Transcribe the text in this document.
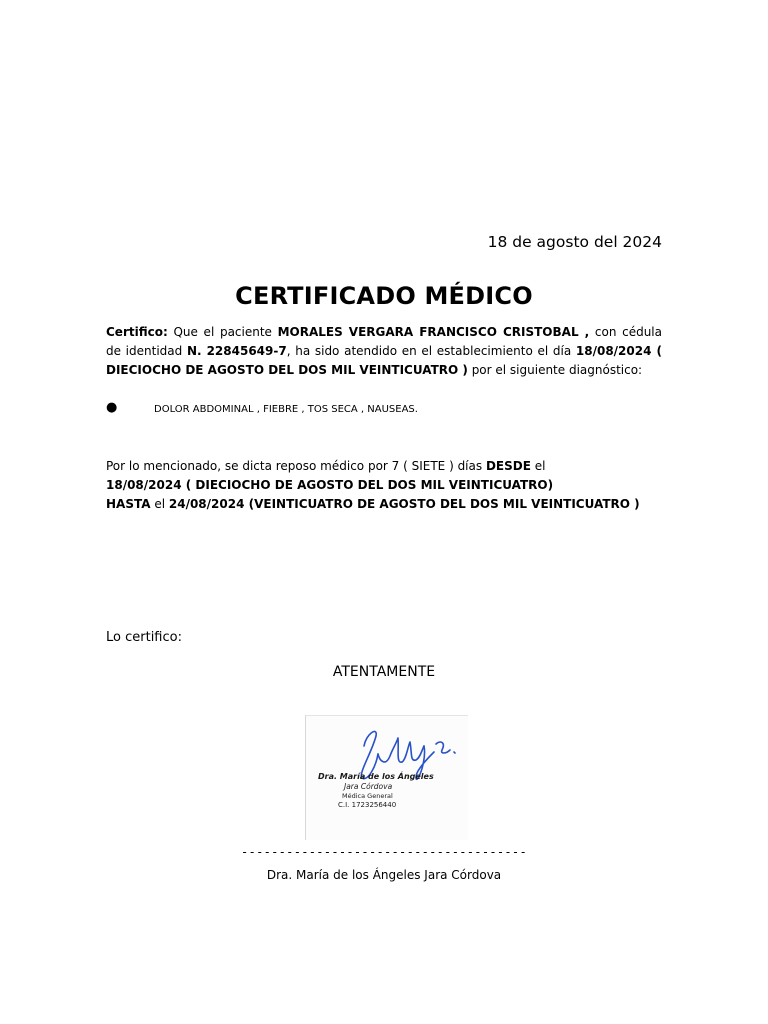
18 de agosto del 2024
CERTIFICADO MÉDICO
Certifico: Que el paciente MORALES VERGARA FRANCISCO CRISTOBAL , con cédula de identidad N. 22845649-7, ha sido atendido en el establecimiento el día 18/08/2024 ( DIECIOCHO DE AGOSTO DEL DOS MIL VEINTICUATRO ) por el siguiente diagnóstico:
●	DOLOR ABDOMINAL , FIEBRE , TOS SECA , NAUSEAS.
Por lo mencionado, se dicta reposo médico por 7 ( SIETE ) días DESDE el
18/08/2024 ( DIECIOCHO DE AGOSTO DEL DOS MIL VEINTICUATRO)
HASTA el 24/08/2024 (VEINTICUATRO DE AGOSTO DEL DOS MIL VEINTICUATRO )
Lo certifico:
ATENTAMENTE
Dra. María de los Ángeles
Jara Córdova
Médica General
C.I. 1723256440
--------------------------------------
Dra. María de los Ángeles Jara Córdova
